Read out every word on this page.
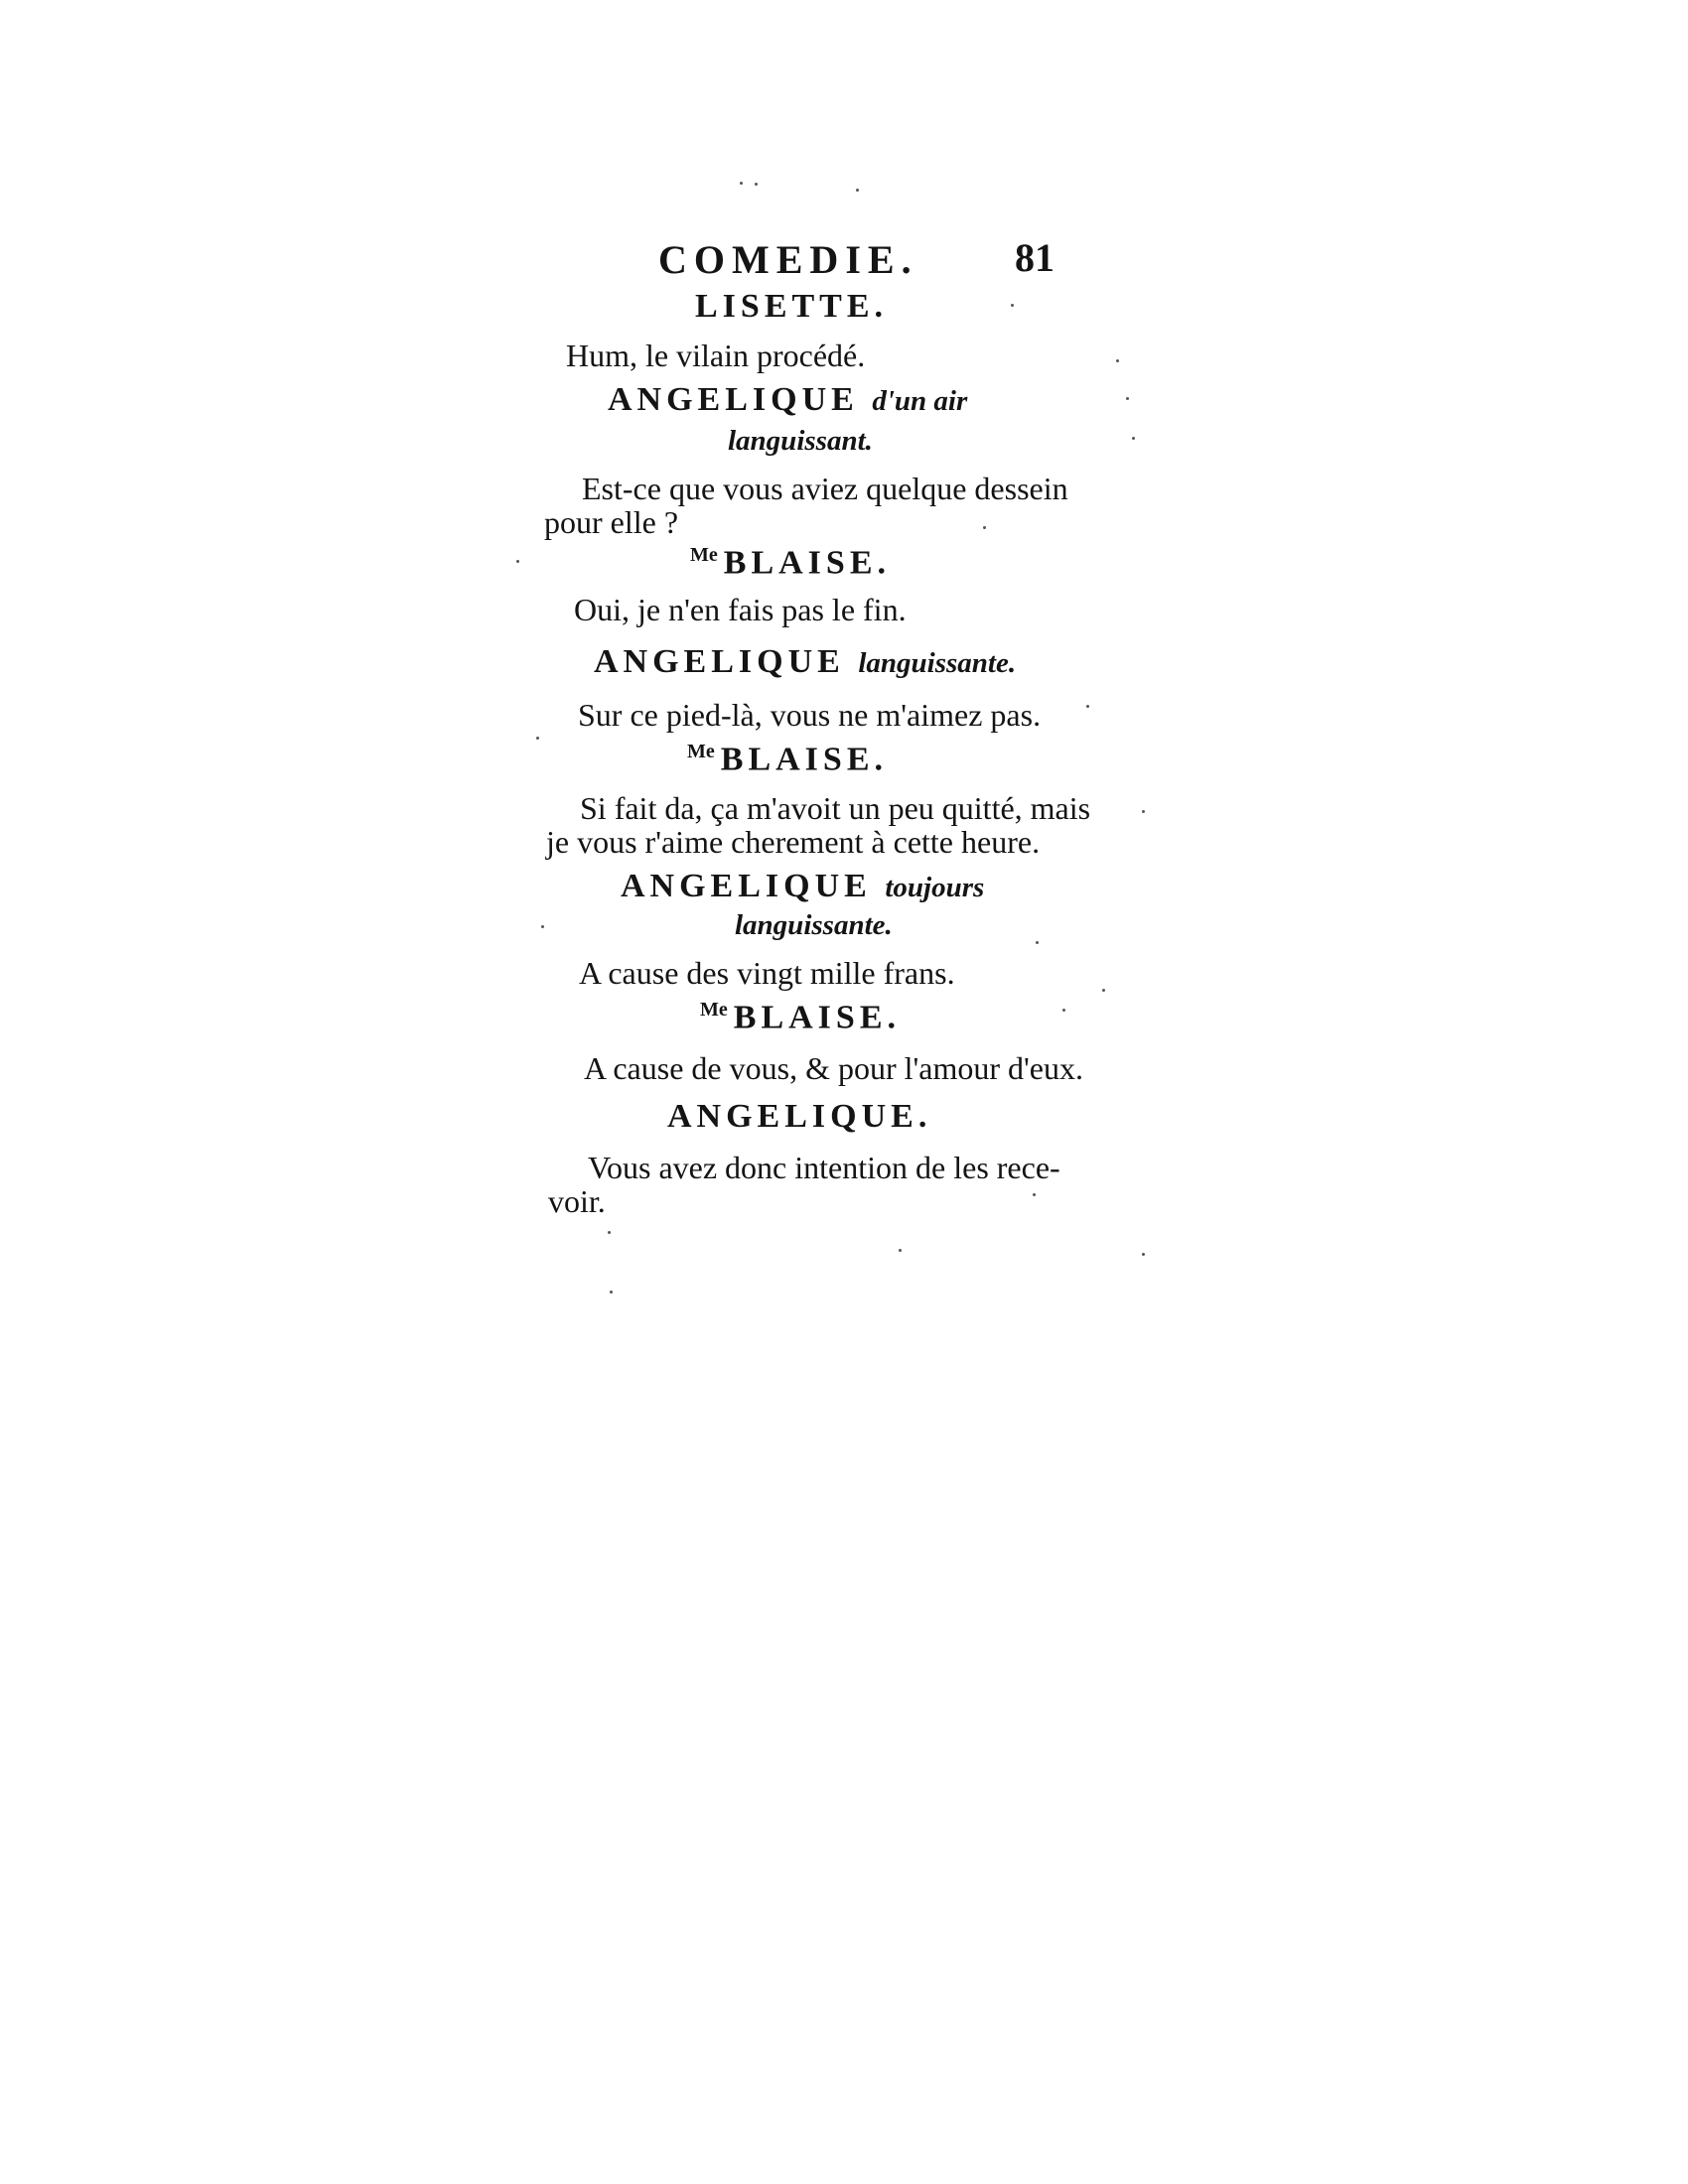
COMEDIE. 81
LISETTE.
Hum, le vilain procédé.
ANGELIQUE d'un air
languissant.
Est-ce que vous aviez quelque dessein
pour elle ?
$^{Me}$ BLAISE.
Oui, je n'en fais pas le fin.
ANGELIQUE languissante.
Sur ce pied-là, vous ne m'aimez pas.
$^{Me}$ BLAISE.
Si fait da, ça m'avoit un peu quitté, mais
je vous r'aime cherement à cette heure.
ANGELIQUE toujours
languissante.
A cause des vingt mille frans.
$^{Me}$ BLAISE.
A cause de vous, & pour l'amour d'eux.
ANGELIQUE.
Vous avez donc intention de les rece-
voir.
